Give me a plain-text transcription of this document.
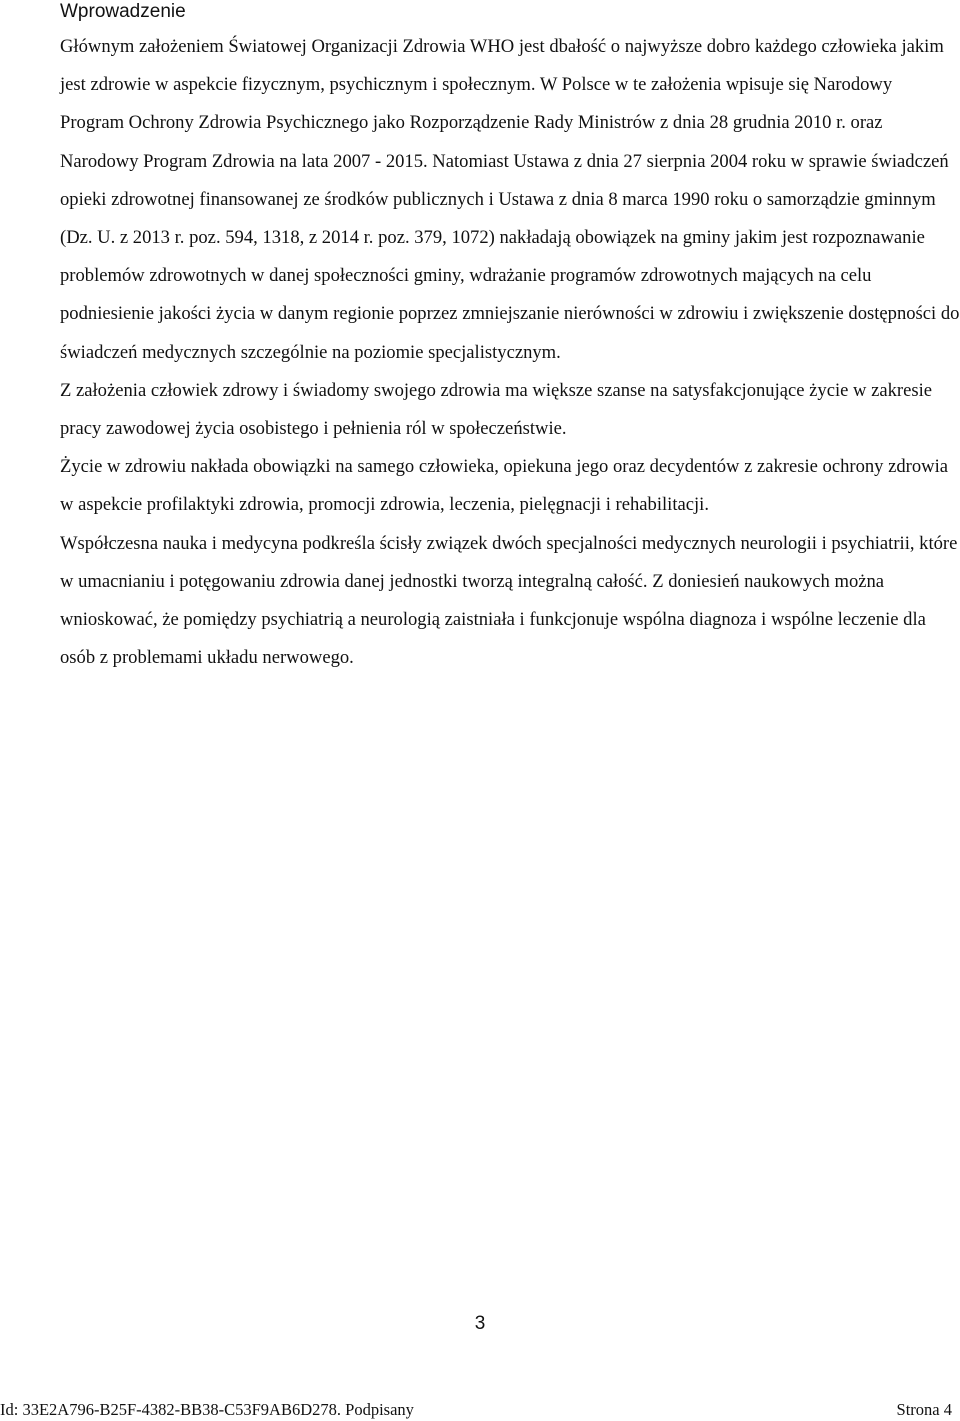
Wprowadzenie

Głównym założeniem Światowej Organizacji Zdrowia WHO jest dbałość o najwyższe dobro każdego człowieka jakim jest zdrowie w aspekcie fizycznym, psychicznym i społecznym. W Polsce w te założenia wpisuje się Narodowy Program Ochrony Zdrowia Psychicznego jako Rozporządzenie Rady Ministrów z dnia 28 grudnia 2010 r. oraz Narodowy Program Zdrowia na lata 2007 - 2015. Natomiast Ustawa z dnia 27 sierpnia 2004 roku w sprawie świadczeń opieki zdrowotnej finansowanej ze środków publicznych i Ustawa z dnia 8 marca 1990 roku o samorządzie gminnym (Dz. U. z 2013 r. poz. 594, 1318, z 2014 r. poz. 379, 1072) nakładają obowiązek na gminy jakim jest rozpoznawanie problemów zdrowotnych w danej społeczności gminy, wdrażanie programów zdrowotnych mających na celu podniesienie jakości życia w danym regionie poprzez zmniejszanie nierówności w zdrowiu i zwiększenie dostępności do świadczeń medycznych szczególnie na poziomie specjalistycznym.

Z założenia człowiek zdrowy i świadomy swojego zdrowia ma większe szanse na satysfakcjonujące życie w zakresie pracy zawodowej życia osobistego i pełnienia ról w społeczeństwie.

Życie w zdrowiu nakłada obowiązki na samego człowieka, opiekuna jego oraz decydentów z zakresie ochrony zdrowia w aspekcie profilaktyki zdrowia, promocji zdrowia, leczenia, pielęgnacji i rehabilitacji.

Współczesna nauka i medycyna podkreśla ścisły związek dwóch specjalności medycznych neurologii i psychiatrii, które w umacnianiu i potęgowaniu zdrowia danej jednostki tworzą integralną całość. Z doniesień naukowych można wnioskować, że pomiędzy psychiatrią a neurologią zaistniała i funkcjonuje wspólna diagnoza i wspólne leczenie dla osób z problemami układu nerwowego.

3
Id: 33E2A796-B25F-4382-BB38-C53F9AB6D278. Podpisany	Strona 4
